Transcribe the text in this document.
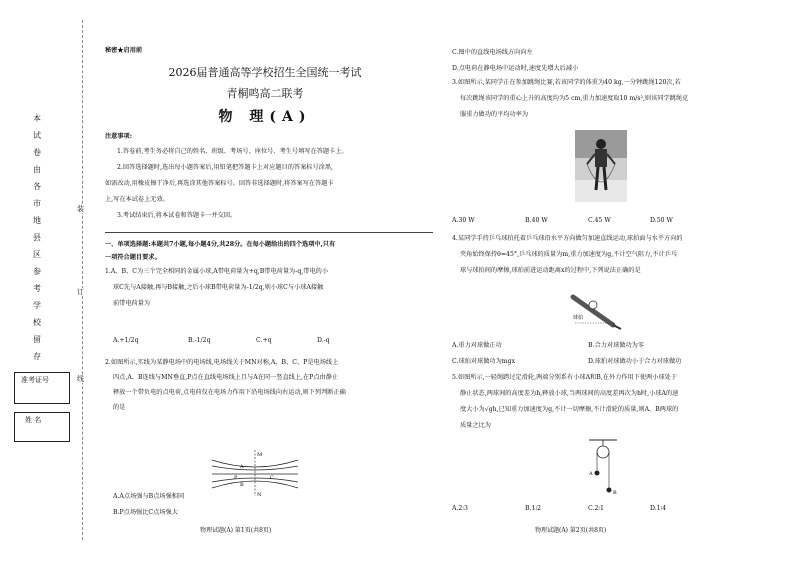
本
试
卷
由
各
市
地
县
区
参
考
学
校
留
存
准考证号
姓 名
装
订
线
秘密★启用前
2026届普通高等学校招生全国统一考试
青桐鸣高二联考
物 理(A)
注意事项:
1.答卷前,考生务必将自己的姓名、班级、考场号、座位号、考生号填写在答题卡上。
2.回答选择题时,选出每小题答案后,用铅笔把答题卡上对应题目的答案标号涂黑,
如需改动,用橡皮擦干净后,再选涂其他答案标号。回答非选择题时,将答案写在答题卡
上,写在本试卷上无效。
3.考试结束后,将本试卷和答题卡一并交回。
一、单项选择题:本题共7小题,每小题4分,共28分。在每小题给出的四个选项中,只有
一项符合题目要求。
1.A、B、C为三个完全相同的金属小球,A带电荷量为+q,B带电荷量为-q,带电的小
球C先与A接触,再与B接触,之后小球B带电荷量为-1/2q,则小球C与小球A接触
前带电荷量为
A.+1/2q	B.-1/2q	C.+q	D.-q
2.如图所示,实线为某静电场中的电场线,电场线关于MN对称,A、B、C、P是电场线上
四点,A、B连线与MN垂直,P点在直线电场线上且与A在同一竖直线上,在P点由静止
释放一个带负电的点电荷,点电荷仅在电场力作用下沿电场线向右运动,则下列判断正确
的是
M
N
A
B
P	C
A.A点场强与B点场强相同
B.P点场强比C点场强大
物理试题(A) 第1页(共8页)
C.图中的直线电场线方向向左
D.点电荷在静电场中运动时,速度先增大后减小
3.如图所示,某同学正在参加跳绳比赛,若该同学的体重为40 kg,一分钟跳绳120次,若
每次跳绳该同学的重心上升的高度均为5 cm,重力加速度取10 m/s²,则该同学跳绳克
服重力做功的平均功率为
A.30 W	B.40 W	C.45 W	D.50 W
4.某同学手持乒乓球拍托着乒乓球沿水平方向做匀加速直线运动,球拍面与水平方向的
夹角始终保持θ=45°,乒乓球的质量为m,重力加速度为g,不计空气阻力,不计乒乓
球与球拍间的摩擦,球拍前进运动距离x的过程中,下列说法正确的是
球拍
A.重力对球做正功	B.合力对球做功为零
C.球拍对球做功为mgx	D.球拍对球做功小于合力对球做功
5.如图所示,一轻绳跨过定滑轮,两端分别系有小球A和B,在外力作用下使两小球处于
静止状态,两球间的高度差为h,释放小球,当两球间的高度差再次为h时,小球A的速
度大小为√gh,已知重力加速度为g,不计一切摩擦,不计滑轮的质量,则A、B两球的
质量之比为
A
B
A.2∶3	B.1∶2	C.2∶1	D.1∶4
物理试题(A) 第2页(共8页)
